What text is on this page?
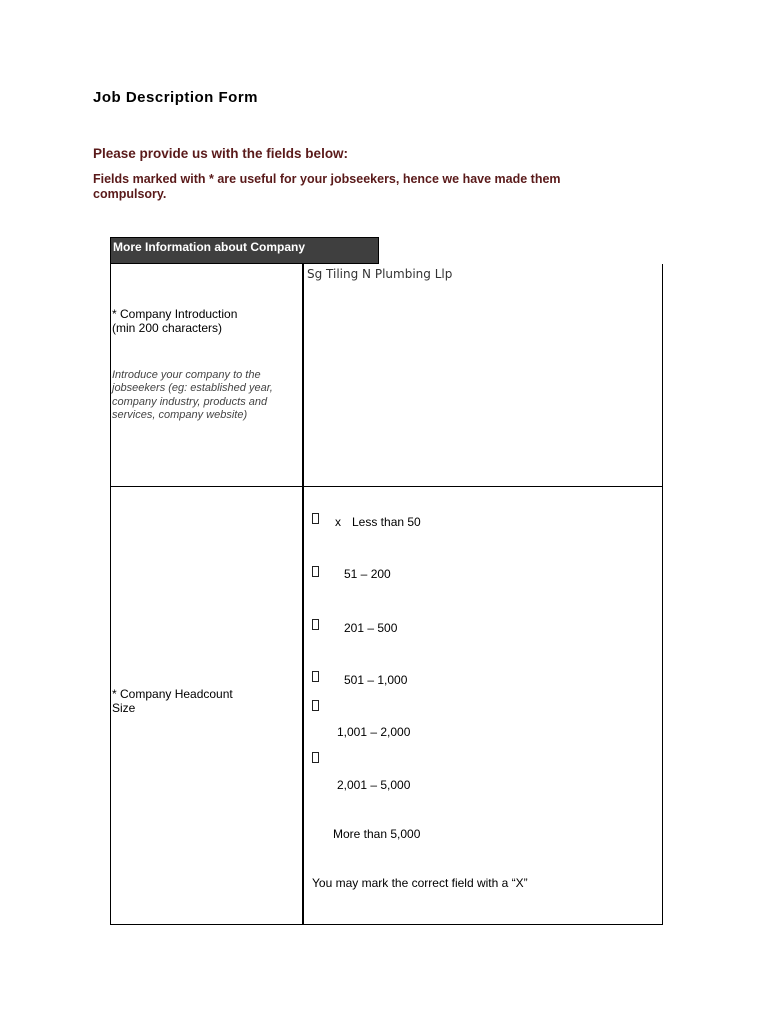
Job Description Form
Please provide us with the fields below:
Fields marked with * are useful for your jobseekers, hence we have made them compulsory.
More Information about Company
* Company Introduction
(min 200 characters)
Introduce your company to the jobseekers (eg: established year, company industry, products and services, company website)
Sg Tiling N Plumbing Llp
* Company Headcount
Size
x Less than 50
51 – 200
201 – 500
501 – 1,000
1,001 – 2,000
2,001 – 5,000
More than 5,000
You may mark the correct field with a “X”
